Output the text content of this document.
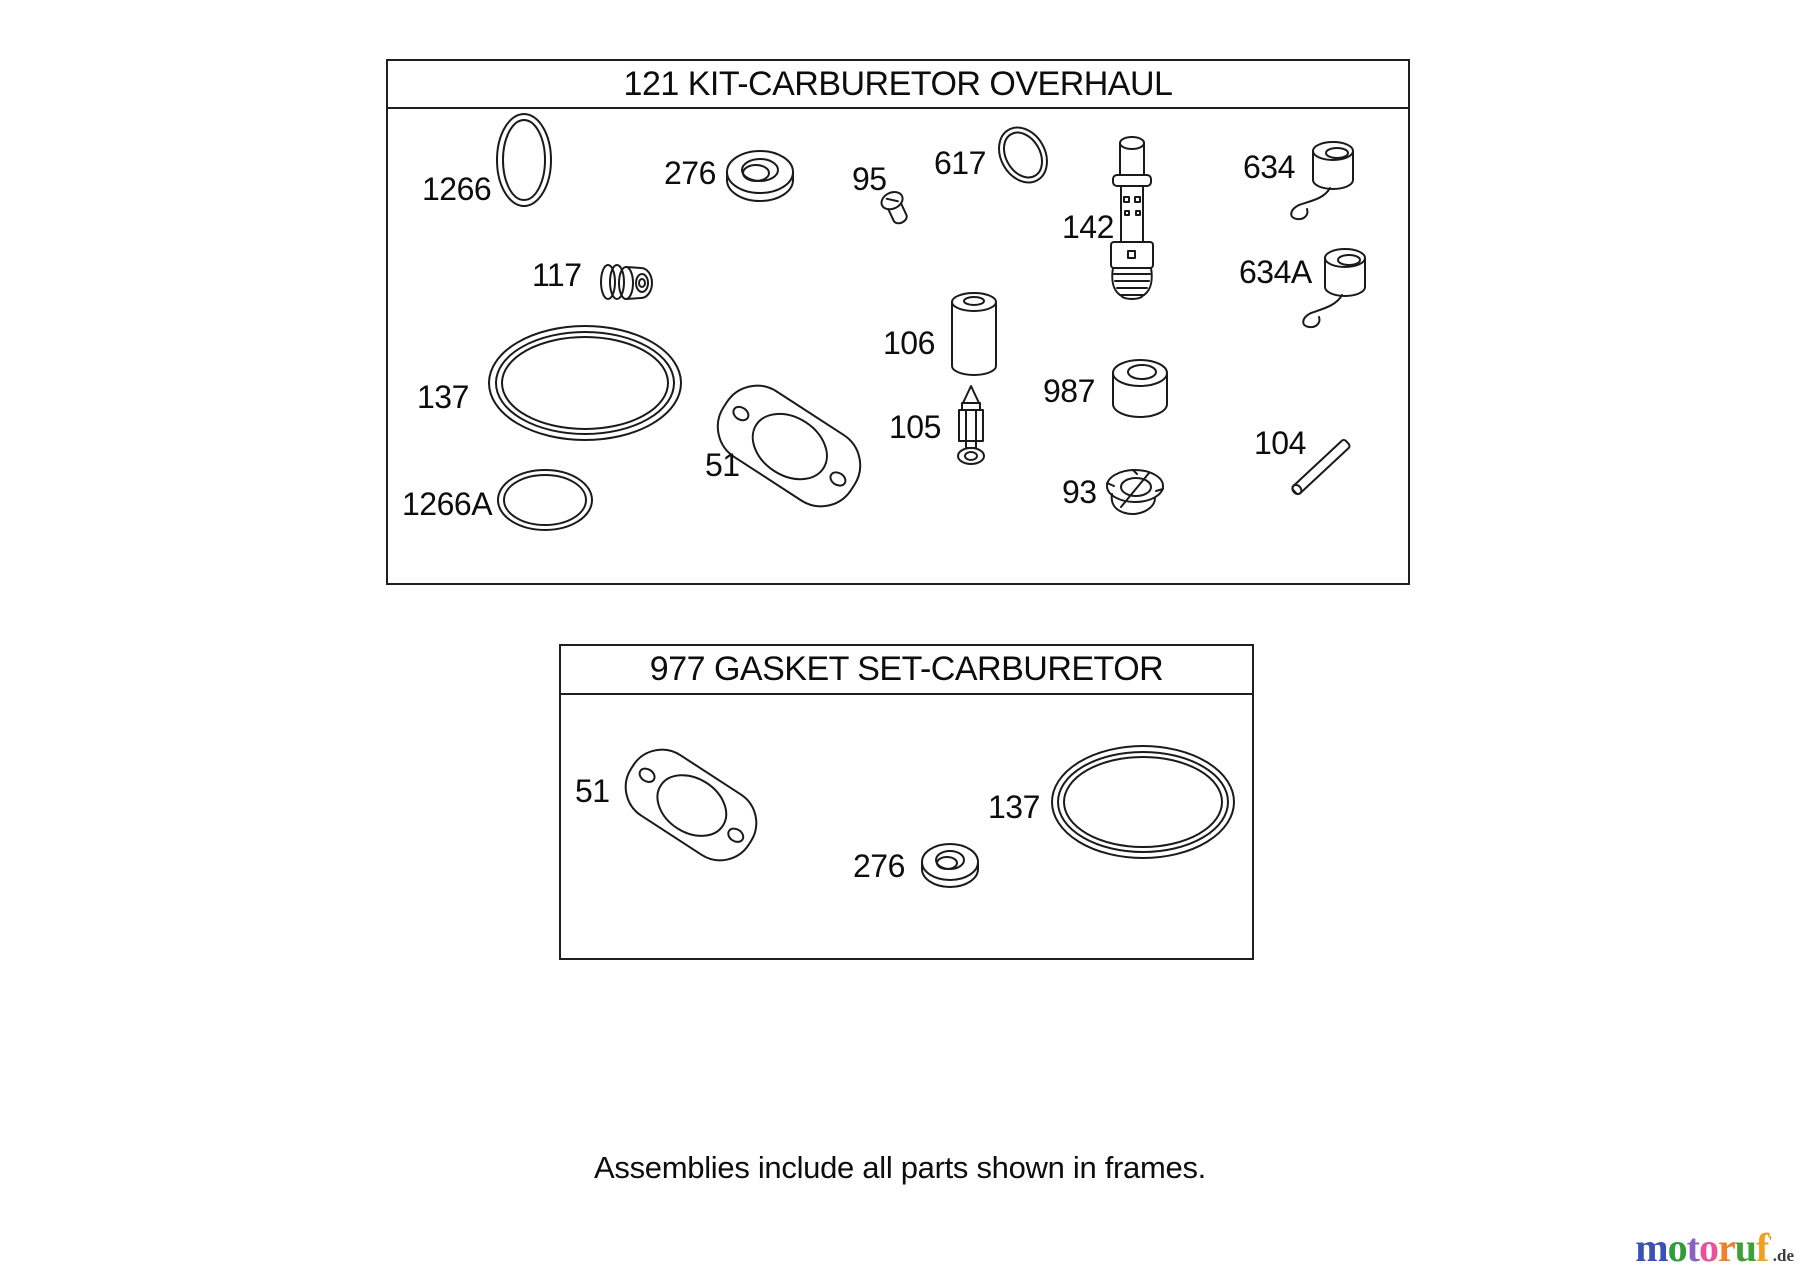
121 KIT-CARBURETOR OVERHAUL
977 GASKET SET-CARBURETOR
1266	276	95 617
142
634
117	634A
106
137	987
105
51
93
104
1266A
51
276
137
Assemblies include all parts shown in frames.
motoruf'.de
